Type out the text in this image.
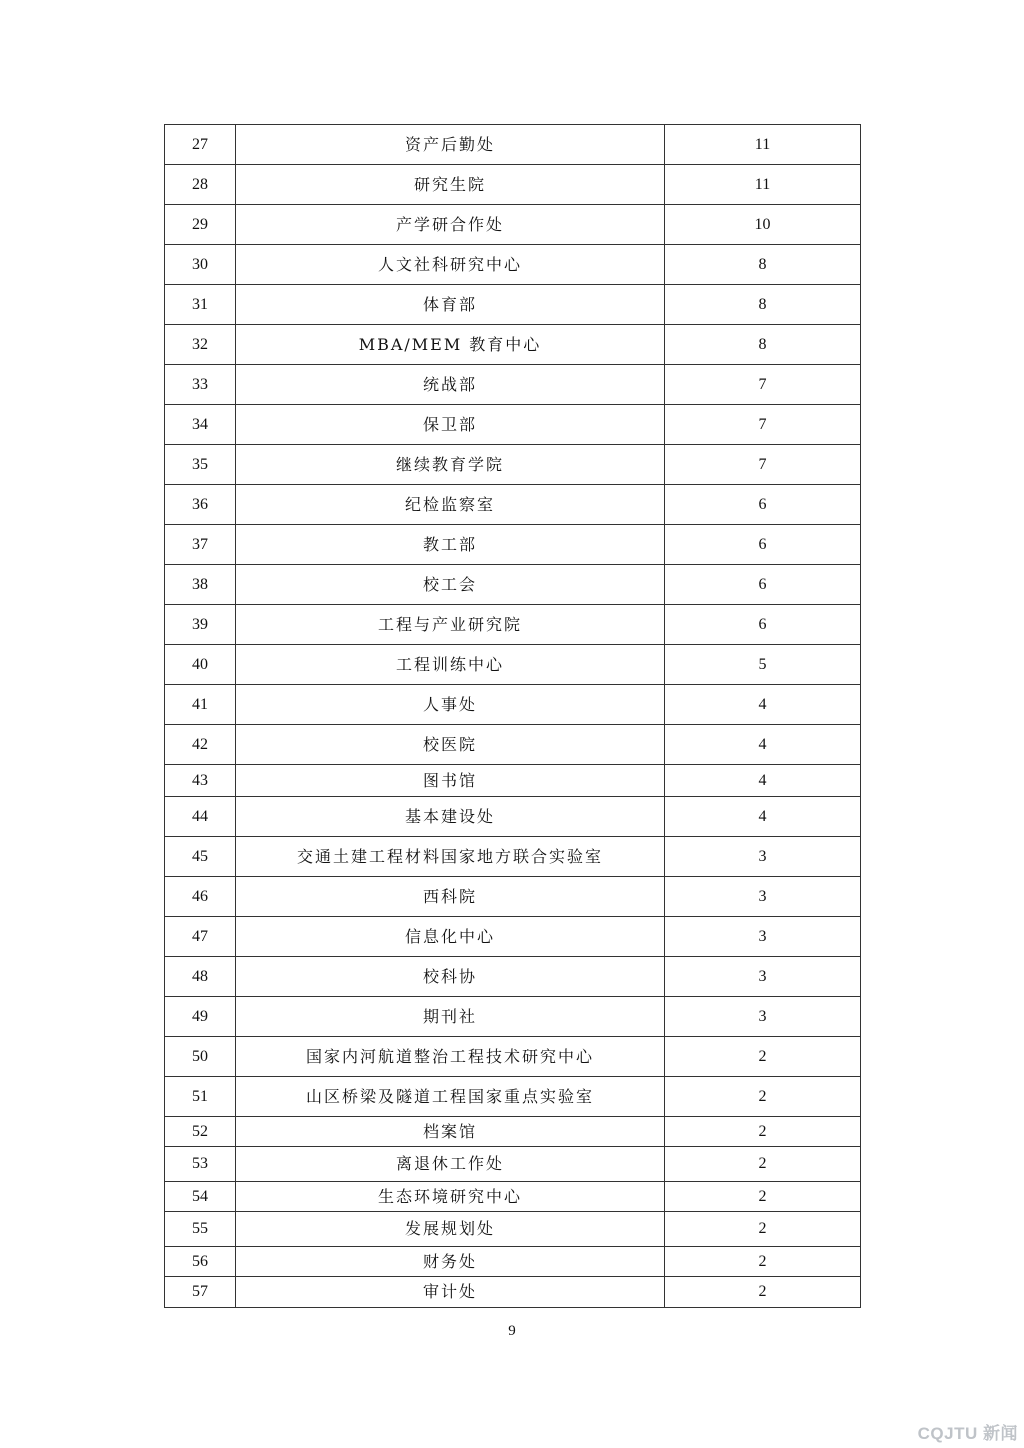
27	资产后勤处	11
28	研究生院	11
29	产学研合作处	10
30	人文社科研究中心	8
31	体育部	8
32	MBA/MEM 教育中心	8
33	统战部	7
34	保卫部	7
35	继续教育学院	7
36	纪检监察室	6
37	教工部	6
38	校工会	6
39	工程与产业研究院	6
40	工程训练中心	5
41	人事处	4
42	校医院	4
43	图书馆	4
44	基本建设处	4
45	交通土建工程材料国家地方联合实验室	3
46	西科院	3
47	信息化中心	3
48	校科协	3
49	期刊社	3
50	国家内河航道整治工程技术研究中心	2
51	山区桥梁及隧道工程国家重点实验室	2
52	档案馆	2
53	离退休工作处	2
54	生态环境研究中心	2
55	发展规划处	2
56	财务处	2
57	审计处	2
9
CQJTU 新闻
